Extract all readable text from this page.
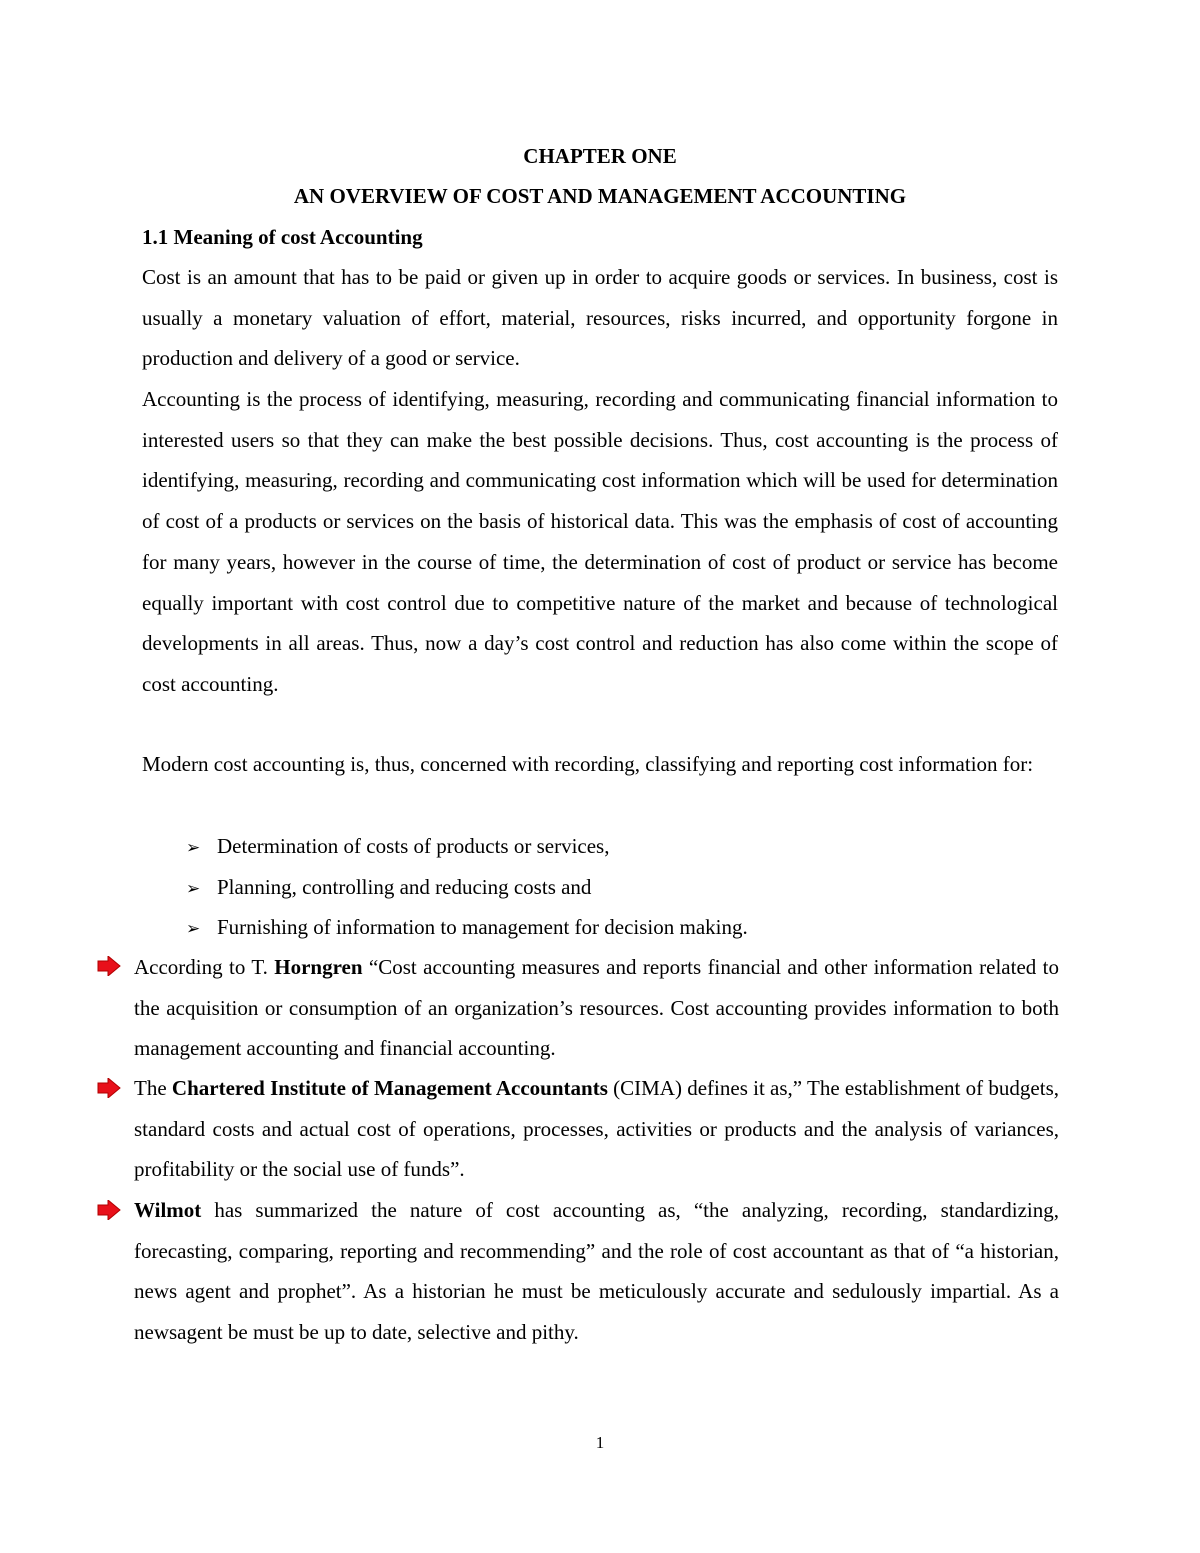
CHAPTER ONE
AN OVERVIEW OF COST AND MANAGEMENT ACCOUNTING
1.1 Meaning of cost Accounting

Cost is an amount that has to be paid or given up in order to acquire goods or services. In business, cost is usually a monetary valuation of effort, material, resources, risks incurred, and opportunity forgone in production and delivery of a good or service.

Accounting is the process of identifying, measuring, recording and communicating financial information to interested users so that they can make the best possible decisions. Thus, cost accounting is the process of identifying, measuring, recording and communicating cost information which will be used for determination of cost of a products or services on the basis of historical data. This was the emphasis of cost of accounting for many years, however in the course of time, the determination of cost of product or service has become equally important with cost control due to competitive nature of the market and because of technological developments in all areas. Thus, now a day’s cost control and reduction has also come within the scope of cost accounting.

Modern cost accounting is, thus, concerned with recording, classifying and reporting cost information for:

➢ Determination of costs of products or services,
➢ Planning, controlling and reducing costs and
➢ Furnishing of information to management for decision making.

According to T. Horngren “Cost accounting measures and reports financial and other information related to the acquisition or consumption of an organization’s resources. Cost accounting provides information to both management accounting and financial accounting.

The Chartered Institute of Management Accountants (CIMA) defines it as,” The establishment of budgets, standard costs and actual cost of operations, processes, activities or products and the analysis of variances, profitability or the social use of funds”.

Wilmot has summarized the nature of cost accounting as, “the analyzing, recording, standardizing, forecasting, comparing, reporting and recommending” and the role of cost accountant as that of “a historian, news agent and prophet”. As a historian he must be meticulously accurate and sedulously impartial. As a newsagent be must be up to date, selective and pithy.

1
